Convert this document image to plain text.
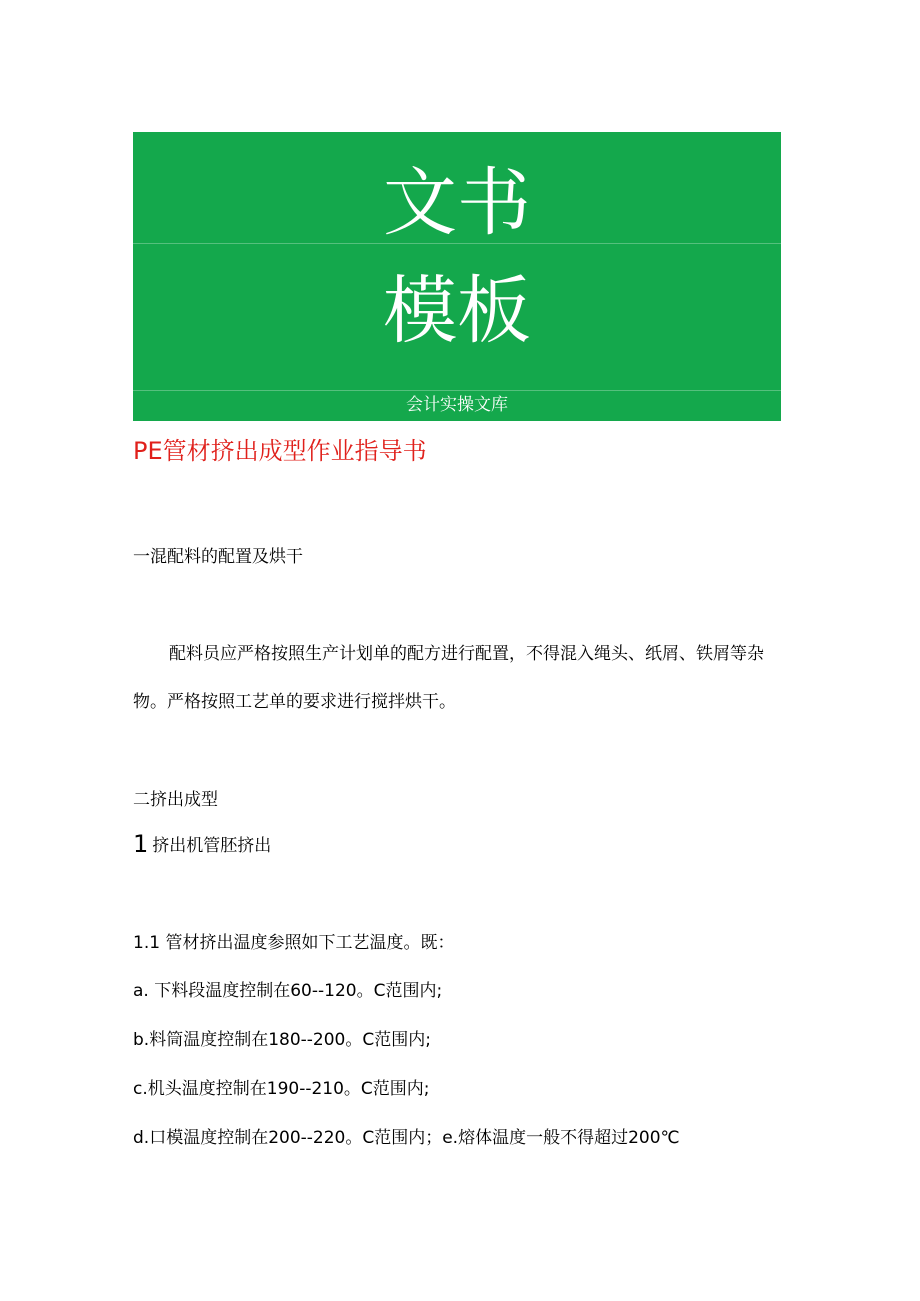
文书
模板
会计实操文库
PE管材挤出成型作业指导书
一混配料的配置及烘干
配料员应严格按照生产计划单的配方进行配置，不得混入绳头、纸屑、铁屑等杂物。严格按照工艺单的要求进行搅拌烘干。
二挤出成型
1 挤出机管胚挤出
1.1 管材挤出温度参照如下工艺温度。既：
a. 下料段温度控制在60--120。C范围内;
b.料筒温度控制在180--200。C范围内;
c.机头温度控制在190--210。C范围内;
d.口模温度控制在200--220。C范围内；e.熔体温度一般不得超过200℃
